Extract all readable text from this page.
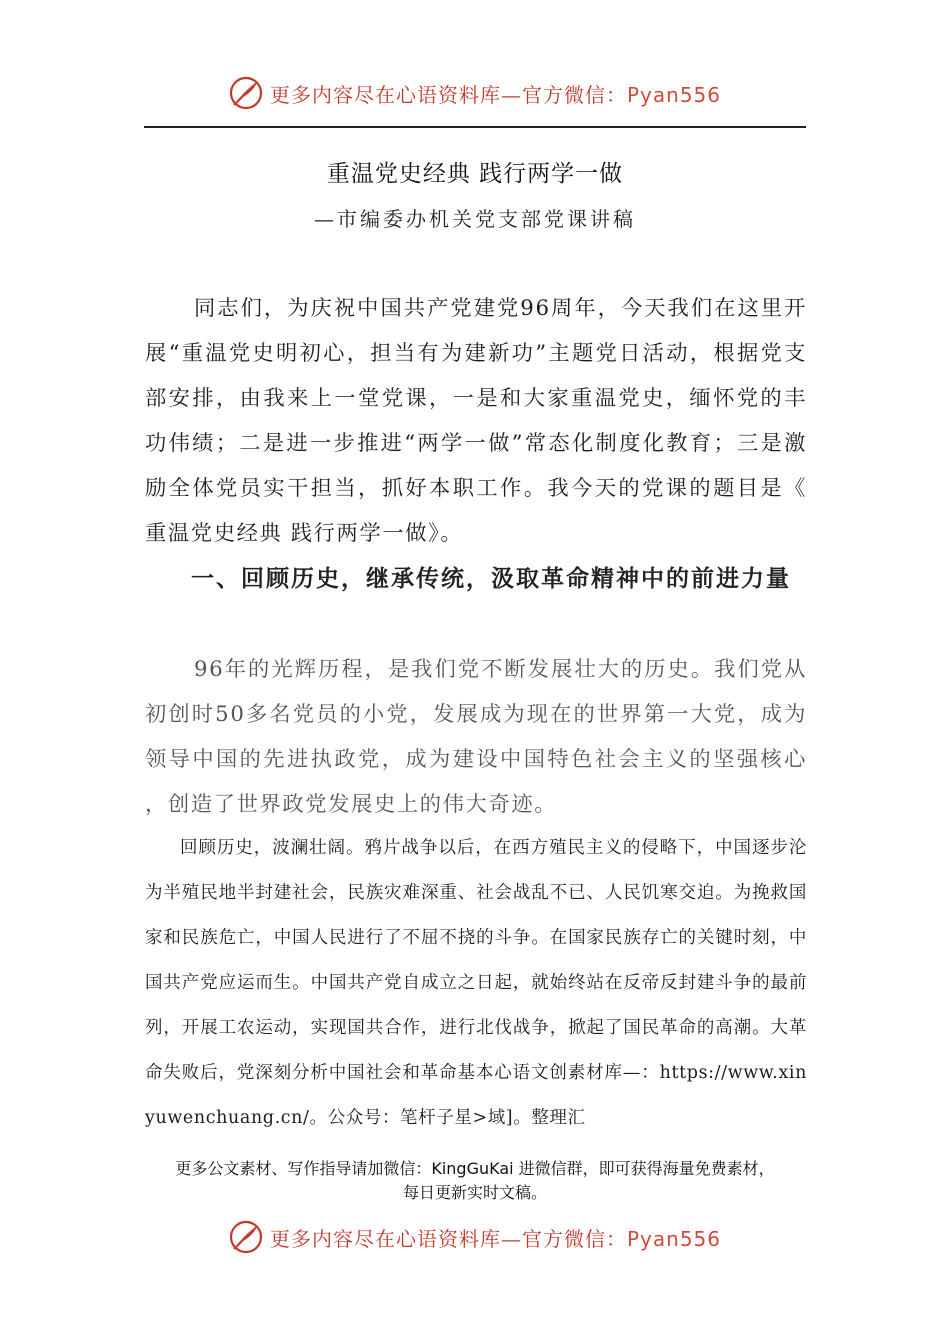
更多内容尽在心语资料库—官方微信：Pyan556
重温党史经典 践行两学一做
—市编委办机关党支部党课讲稿

同志们，为庆祝中国共产党建党96周年，今天我们在这里开展“重温党史明初心，担当有为建新功”主题党日活动，根据党支部安排，由我来上一堂党课，一是和大家重温党史，缅怀党的丰功伟绩；二是进一步推进“两学一做”常态化制度化教育；三是激励全体党员实干担当，抓好本职工作。我今天的党课的题目是《重温党史经典 践行两学一做》。

一、回顾历史，继承传统，汲取革命精神中的前进力量

96年的光辉历程，是我们党不断发展壮大的历史。我们党从初创时50多名党员的小党，发展成为现在的世界第一大党，成为领导中国的先进执政党，成为建设中国特色社会主义的坚强核心，创造了世界政党发展史上的伟大奇迹。

回顾历史，波澜壮阔。鸦片战争以后，在西方殖民主义的侵略下，中国逐步沦为半殖民地半封建社会，民族灾难深重、社会战乱不已、人民饥寒交迫。为挽救国家和民族危亡，中国人民进行了不屈不挠的斗争。在国家民族存亡的关键时刻，中国共产党应运而生。中国共产党自成立之日起，就始终站在反帝反封建斗争的最前列，开展工农运动，实现国共合作，进行北伐战争，掀起了国民革命的高潮。大革命失败后，党深刻分析中国社会和革命基本心语文创素材库—：https://www.xinyuwenchuang.cn/。公众号：笔杆子星>域]。整理汇

更多公文素材、写作指导请加微信：KingGuKai 进微信群，即可获得海量免费素材，
每日更新实时文稿。
更多内容尽在心语资料库—官方微信：Pyan556
